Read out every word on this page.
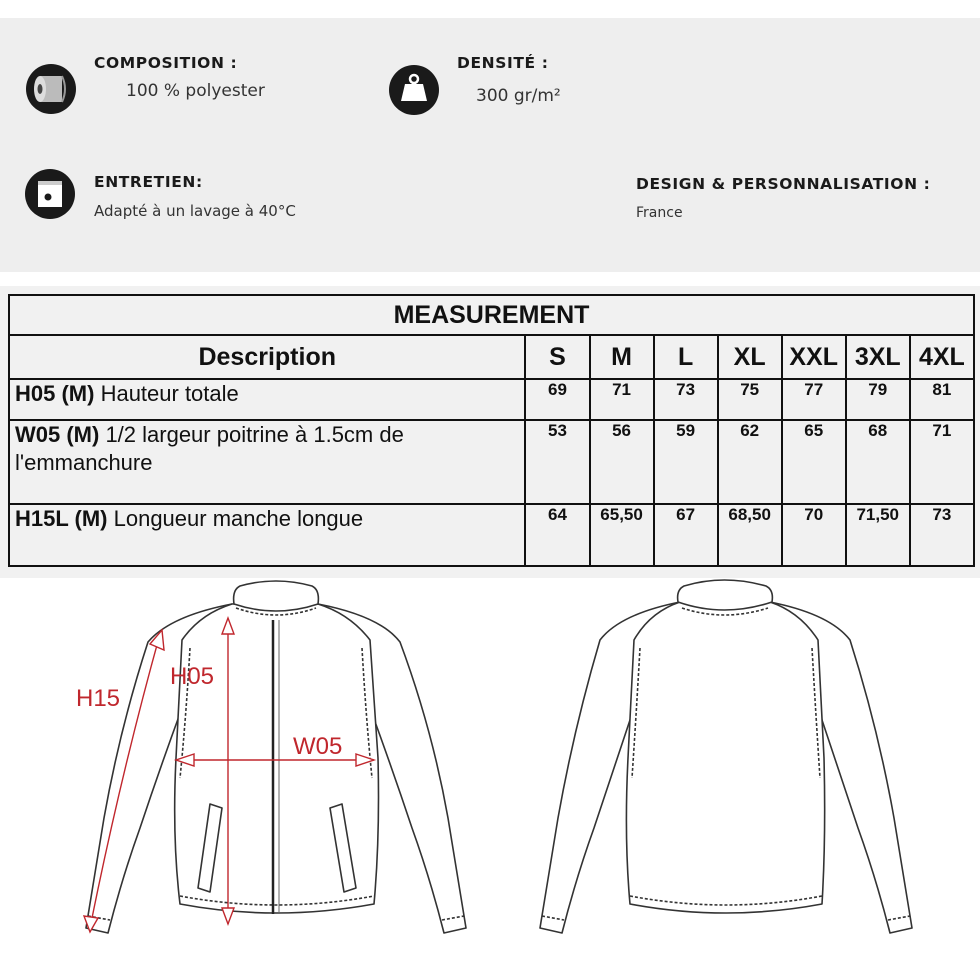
COMPOSITION :
100 % polyester
DENSITÉ :
300 gr/m²
ENTRETIEN:
Adapté à un lavage à 40°C
DESIGN & PERSONNALISATION :
France
MEASUREMENT							
Description	S	M	L	XL	XXL	3XL	4XL
H05 (M) Hauteur totale	69	71	73	75	77	79	81
W05 (M) 1/2 largeur poitrine à 1.5cm de l'emmanchure	53	56	59	62	65	68	71
H15L (M) Longueur manche longue	64	65,50	67	68,50	70	71,50	73
H15
H05
W05
